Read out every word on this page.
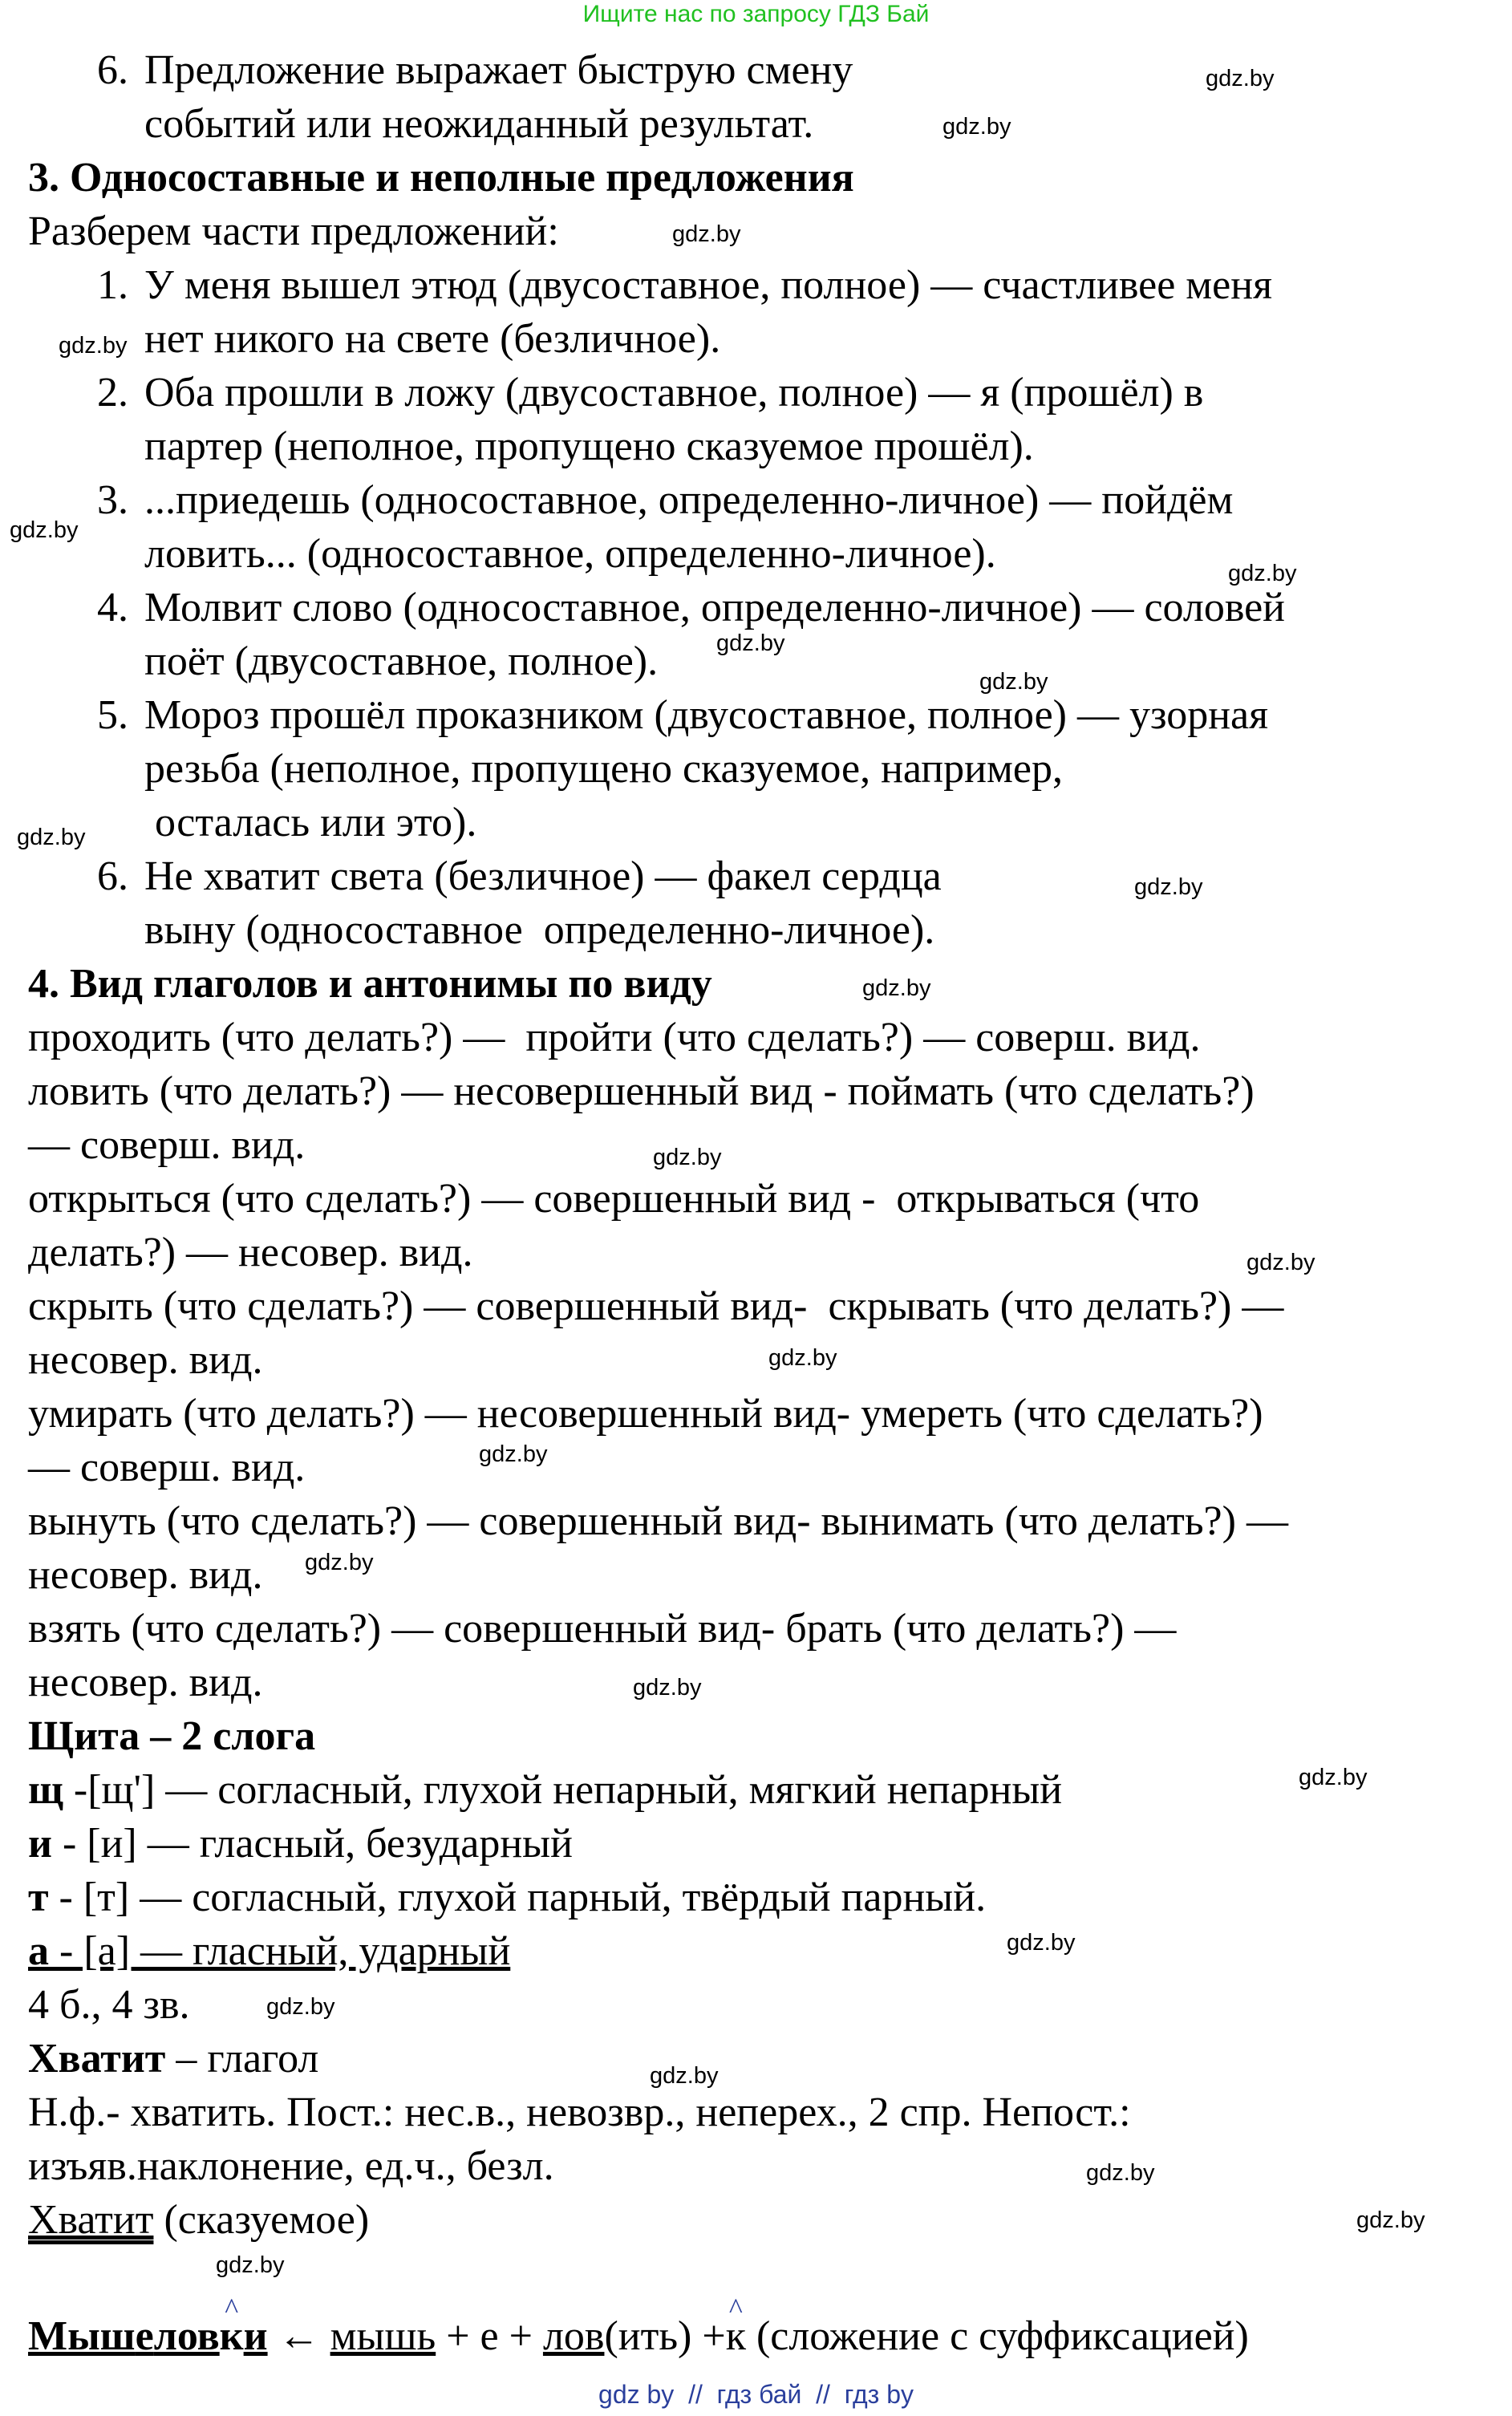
Ищите нас по запросу ГДЗ Бай
6. Предложение выражает быструю смену
событий или неожиданный результат.
3. Односоставные и неполные предложения
Разберем части предложений:
1. У меня вышел этюд (двусоставное, полное) — счастливее меня
нет никого на свете (безличное).
2. Оба прошли в ложу (двусоставное, полное) — я (прошёл) в
партер (неполное, пропущено сказуемое прошёл).
3. ...приедешь (односоставное, определенно-личное) — пойдём
ловить... (односоставное, определенно-личное).
4. Молвит слово (односоставное, определенно-личное) — соловей
поёт (двусоставное, полное).
5. Мороз прошёл проказником (двусоставное, полное) — узорная
резьба (неполное, пропущено сказуемое, например,
осталась или это).
6. Не хватит света (безличное) — факел сердца
выну (односоставное  определенно-личное).
4. Вид глаголов и антонимы по виду
проходить (что делать?) —  пройти (что сделать?) — соверш. вид.
ловить (что делать?) — несовершенный вид - поймать (что сделать?)
— соверш. вид.
открыться (что сделать?) — совершенный вид -  открываться (что
делать?) — несовер. вид.
скрыть (что сделать?) — совершенный вид-  скрывать (что делать?) —
несовер. вид.
умирать (что делать?) — несовершенный вид- умереть (что сделать?)
— соверш. вид.
вынуть (что сделать?) — совершенный вид- вынимать (что делать?) —
несовер. вид.
взять (что сделать?) — совершенный вид- брать (что делать?) —
несовер. вид.
Щита – 2 слога
щ -[щ'] — согласный, глухой непарный, мягкий непарный
и - [и] — гласный, безударный
т - [т] — согласный, глухой парный, твёрдый парный.
а - [а] — гласный, ударный
4 б., 4 зв.
Хватит – глагол
Н.ф.- хватить. Пост.: нес.в., невозвр., неперех., 2 спр. Непост.:
изъяв.наклонение, ед.ч., безл.
Хватит (сказуемое)
Мышелов^ ки ← мышь + е + лов(ить) +^ к (сложение с суффиксацией)
gdz.by
gdz.by
gdz.by
gdz.by
gdz.by
gdz.by
gdz.by
gdz.by
gdz.by
gdz.by
gdz.by
gdz.by
gdz.by
gdz.by
gdz.by
gdz.by
gdz.by
gdz.by
gdz.by
gdz.by
gdz.by
gdz.by
gdz.by
gdz.by
gdz by  //  гдз бай  //  гдз by
